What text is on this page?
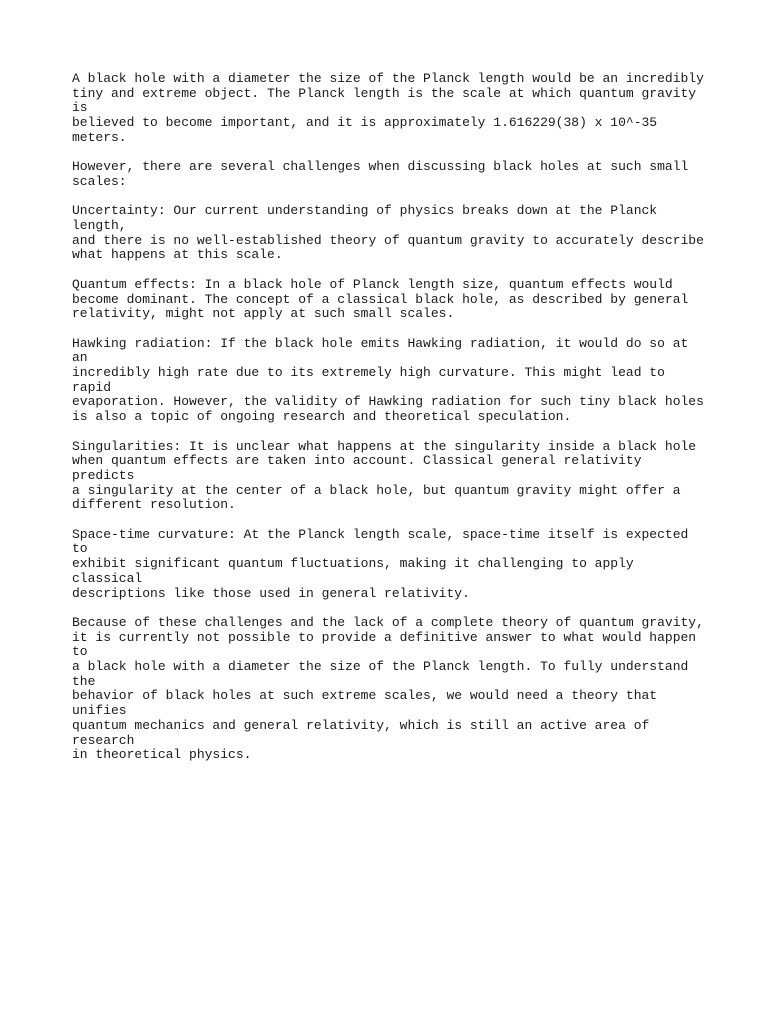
A black hole with a diameter the size of the Planck length would be an incredibly
tiny and extreme object. The Planck length is the scale at which quantum gravity is
believed to become important, and it is approximately 1.616229(38) x 10^-35 meters.

However, there are several challenges when discussing black holes at such small
scales:

Uncertainty: Our current understanding of physics breaks down at the Planck length,
and there is no well-established theory of quantum gravity to accurately describe
what happens at this scale.

Quantum effects: In a black hole of Planck length size, quantum effects would
become dominant. The concept of a classical black hole, as described by general
relativity, might not apply at such small scales.

Hawking radiation: If the black hole emits Hawking radiation, it would do so at an
incredibly high rate due to its extremely high curvature. This might lead to rapid
evaporation. However, the validity of Hawking radiation for such tiny black holes
is also a topic of ongoing research and theoretical speculation.

Singularities: It is unclear what happens at the singularity inside a black hole
when quantum effects are taken into account. Classical general relativity predicts
a singularity at the center of a black hole, but quantum gravity might offer a
different resolution.

Space-time curvature: At the Planck length scale, space-time itself is expected to
exhibit significant quantum fluctuations, making it challenging to apply classical
descriptions like those used in general relativity.

Because of these challenges and the lack of a complete theory of quantum gravity,
it is currently not possible to provide a definitive answer to what would happen to
a black hole with a diameter the size of the Planck length. To fully understand the
behavior of black holes at such extreme scales, we would need a theory that unifies
quantum mechanics and general relativity, which is still an active area of research
in theoretical physics.
